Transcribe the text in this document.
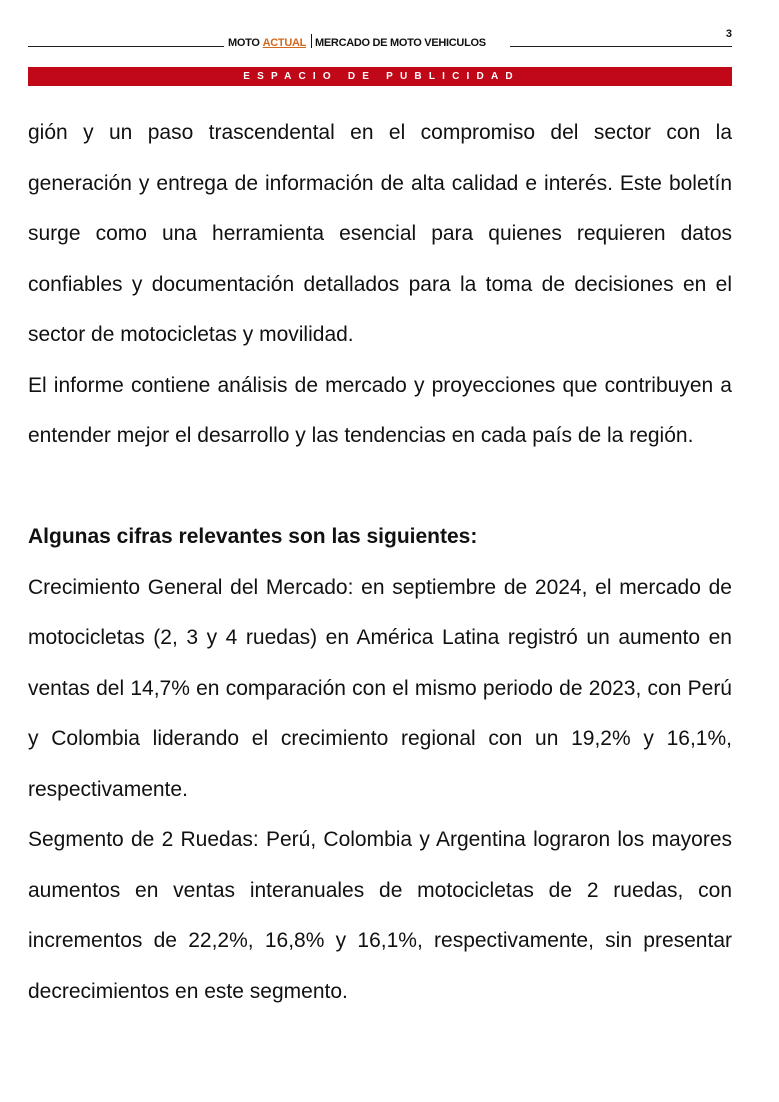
MOTO ACTUAL MERCADO DE MOTO VEHICULOS
3
ESPACIO DE PUBLICIDAD

gión y un paso trascendental en el compromiso del sector con la generación y entrega de información de alta calidad e interés. Este boletín surge como una herramienta esencial para quienes requieren datos confiables y documentación detallados para la toma de decisiones en el sector de motocicletas y movilidad.

El informe contiene análisis de mercado y proyecciones que contribuyen a entender mejor el desarrollo y las tendencias en cada país de la región.

Algunas cifras relevantes son las siguientes:

Crecimiento General del Mercado: en septiembre de 2024, el mercado de motocicletas (2, 3 y 4 ruedas) en América Latina registró un aumento en ventas del 14,7% en comparación con el mismo periodo de 2023, con Perú y Colombia liderando el crecimiento regional con un 19,2% y 16,1%, respectivamente.

Segmento de 2 Ruedas: Perú, Colombia y Argentina lograron los mayores aumentos en ventas interanuales de motocicletas de 2 ruedas, con incrementos de 22,2%, 16,8% y 16,1%, respectivamente, sin presentar decrecimientos en este segmento.
